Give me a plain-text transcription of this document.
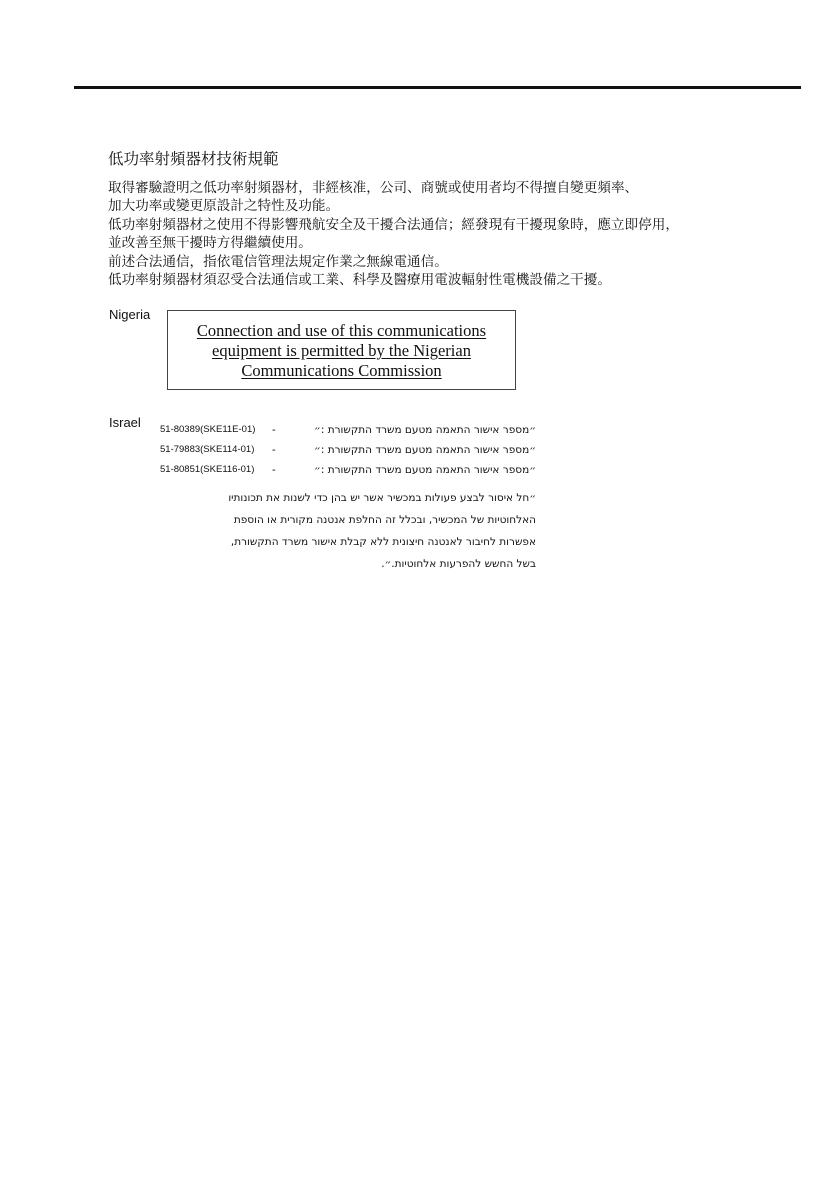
低功率射頻器材技術規範

取得審驗證明之低功率射頻器材，非經核准，公司、商號或使用者均不得擅自變更頻率、

加大功率或變更原設計之特性及功能。

低功率射頻器材之使用不得影響飛航安全及干擾合法通信；經發現有干擾現象時，應立即停用，

並改善至無干擾時方得繼續使用。

前述合法通信，指依電信管理法規定作業之無線電通信。

低功率射頻器材須忍受合法通信或工業、科學及醫療用電波輻射性電機設備之干擾。

Nigeria
Connection and use of this communications
equipment is permitted by the Nigerian
Communications Commission
Israel 51-80389(SKE11E-01) -	״מספר אישור התאמה מטעם משרד התקשורת :״
51-79883(SKE114-01) -	״מספר אישור התאמה מטעם משרד התקשורת :״
51-80851(SKE116-01) -	״מספר אישור התאמה מטעם משרד התקשורת :״
״חל איסור לבצע פעולות במכשיר אשר יש בהן כדי לשנות את תכונותיו
האלחוטיות של המכשיר, ובכלל זה החלפת אנטנה מקורית או הוספת
אפשרות לחיבור לאנטנה חיצונית ללא קבלת אישור משרד התקשורת,
בשל החשש להפרעות אלחוטיות.״.
